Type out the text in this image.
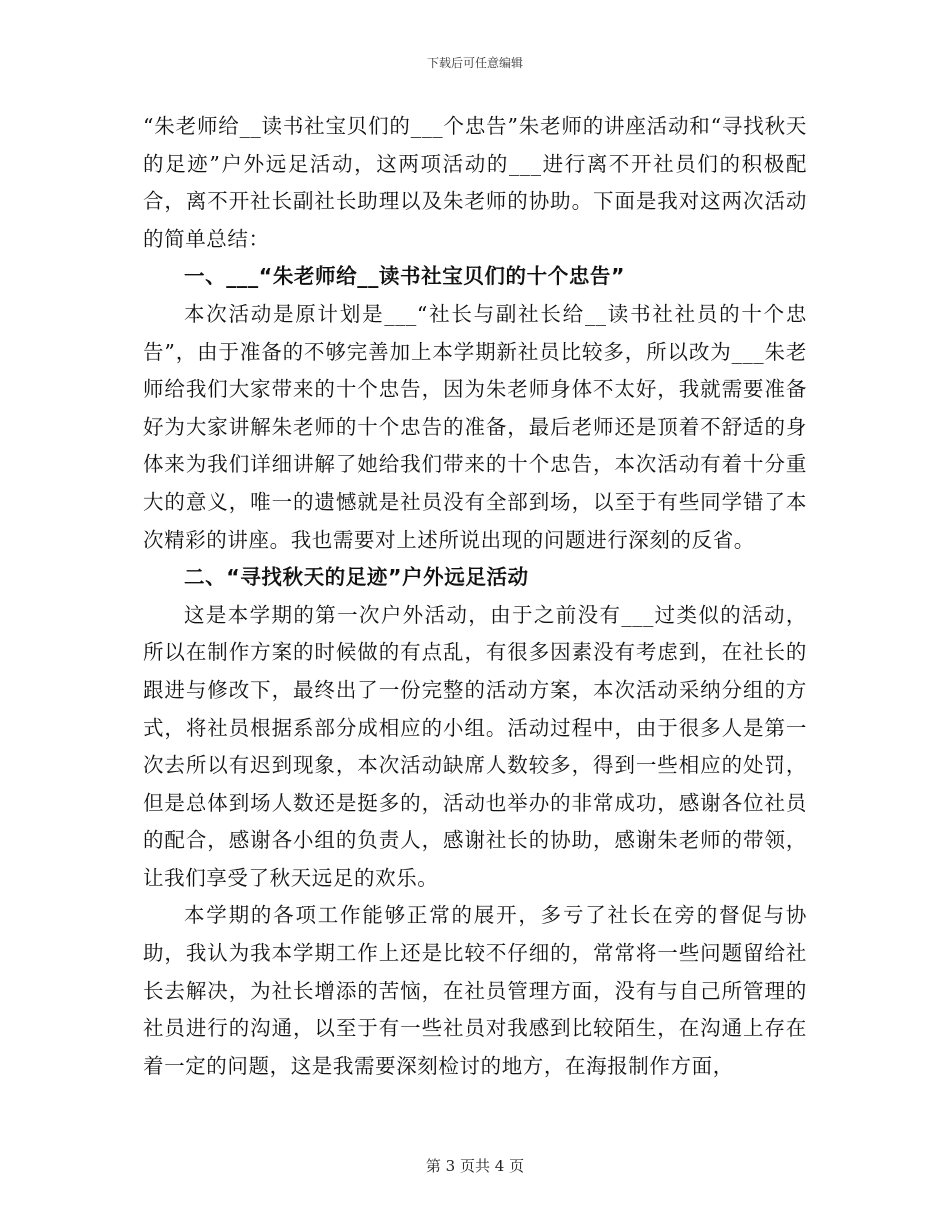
下载后可任意编辑

“朱老师给__读书社宝贝们的___个忠告”朱老师的讲座活动和“寻找秋天的足迹”户外远足活动，这两项活动的___进行离不开社员们的积极配合，离不开社长副社长助理以及朱老师的协助。下面是我对这两次活动的简单总结：

一、___“朱老师给__读书社宝贝们的十个忠告”

本次活动是原计划是___“社长与副社长给__读书社社员的十个忠告”，由于准备的不够完善加上本学期新社员比较多，所以改为___朱老师给我们大家带来的十个忠告，因为朱老师身体不太好，我就需要准备好为大家讲解朱老师的十个忠告的准备，最后老师还是顶着不舒适的身体来为我们详细讲解了她给我们带来的十个忠告，本次活动有着十分重大的意义，唯一的遗憾就是社员没有全部到场，以至于有些同学错了本次精彩的讲座。我也需要对上述所说出现的问题进行深刻的反省。

二、“寻找秋天的足迹”户外远足活动

这是本学期的第一次户外活动，由于之前没有___过类似的活动，所以在制作方案的时候做的有点乱，有很多因素没有考虑到，在社长的跟进与修改下，最终出了一份完整的活动方案，本次活动采纳分组的方式，将社员根据系部分成相应的小组。活动过程中，由于很多人是第一次去所以有迟到现象，本次活动缺席人数较多，得到一些相应的处罚，但是总体到场人数还是挺多的，活动也举办的非常成功，感谢各位社员的配合，感谢各小组的负责人，感谢社长的协助，感谢朱老师的带领，让我们享受了秋天远足的欢乐。

本学期的各项工作能够正常的展开，多亏了社长在旁的督促与协助，我认为我本学期工作上还是比较不仔细的，常常将一些问题留给社长去解决，为社长增添的苦恼，在社员管理方面，没有与自己所管理的社员进行的沟通，以至于有一些社员对我感到比较陌生，在沟通上存在着一定的问题，这是我需要深刻检讨的地方，在海报制作方面，

第 3 页共 4 页
